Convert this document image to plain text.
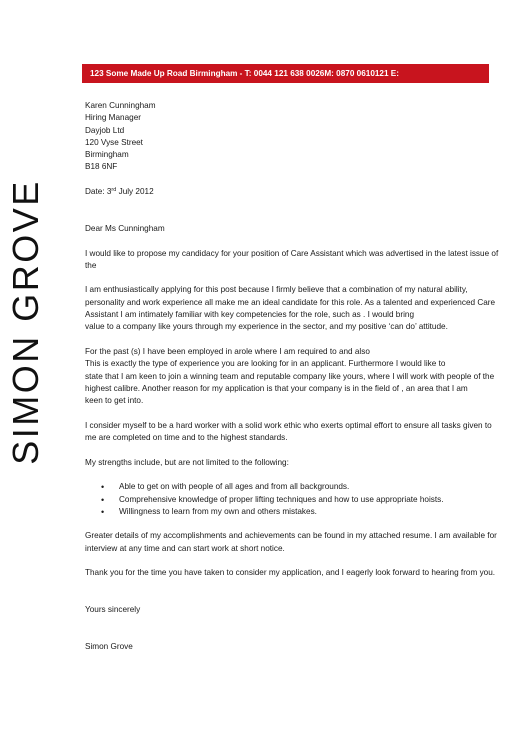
SIMON GROVE
123 Some Made Up Road Birmingham - T: 0044 121 638 0026M: 0870 0610121 E:
Karen Cunningham
Hiring Manager
Dayjob Ltd
120 Vyse Street
Birmingham
B18 6NF
Date: 3rd July 2012
Dear Ms Cunningham
I would like to propose my candidacy for your position of Care Assistant which was advertised in the latest issue of
the
I am enthusiastically applying for this post because I firmly believe that a combination of my natural ability,
personality and work experience all make me an ideal candidate for this role. As a talented and experienced Care
Assistant I am intimately familiar with key competencies for the role, such as . I would bring
value to a company like yours through my experience in the sector, and my positive ‘can do’ attitude.
For the past (s) I have been employed in arole where I am required to and also
This is exactly the type of experience you are looking for in an applicant. Furthermore I would like to
state that I am keen to join a winning team and reputable company like yours, where I will work with people of the
highest calibre. Another reason for my application is that your company is in the field of , an area that I am
keen to get into.
I consider myself to be a hard worker with a solid work ethic who exerts optimal effort to ensure all tasks given to
me are completed on time and to the highest standards.
My strengths include, but are not limited to the following:
• Able to get on with people of all ages and from all backgrounds.
• Comprehensive knowledge of proper lifting techniques and how to use appropriate hoists.
• Willingness to learn from my own and others mistakes.
Greater details of my accomplishments and achievements can be found in my attached resume. I am available for
interview at any time and can start work at short notice.
Thank you for the time you have taken to consider my application, and I eagerly look forward to hearing from you.
Yours sincerely
Simon Grove
